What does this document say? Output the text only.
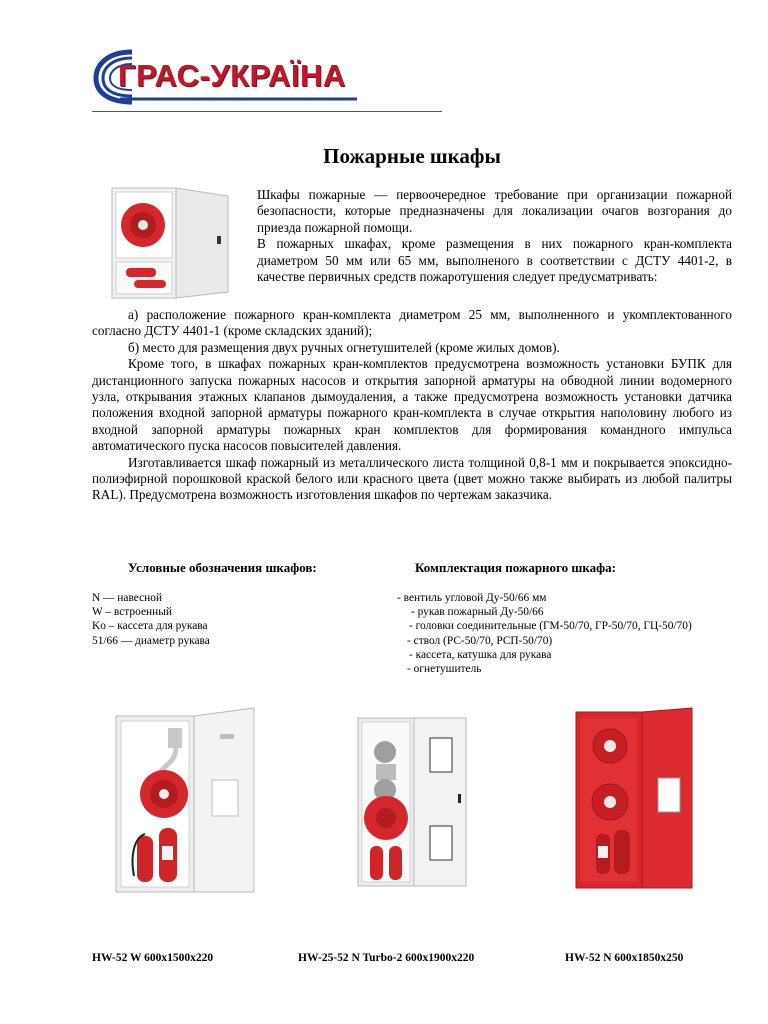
ГРАС-УКРАЇНА
Пожарные шкафы

Шкафы пожарные — первоочередное требование при организации пожарной безопасности, которые предназначены для локализации очагов возгорания до приезда пожарной помощи.

В пожарных шкафах, кроме размещения в них пожарного кран-комплекта диаметром 50 мм или 65 мм, выполненого в соответствии с ДСТУ 4401-2, в качестве первичных средств пожаротушения следует предусматривать:

а) расположение пожарного кран-комплекта диаметром 25 мм, выполненного и укомплектованного согласно ДСТУ 4401-1 (кроме складских зданий);

б) место для размещения двух ручных огнетушителей (кроме жилых домов).

Кроме того, в шкафах пожарных кран-комплектов предусмотрена возможность установки БУПК для дистанционного запуска пожарных насосов и открытия запорной арматуры на обводной линии водомерного узла, открывания этажных клапанов дымоудаления, а также предусмотрена возможность установки датчика положения входной запорной арматуры пожарного кран-комплекта в случае открытия наполовину любого из входной запорной арматуры пожарных кран комплектов для формирования командного импульса автоматического пуска насосов повысителей давления.

Изготавливается шкаф пожарный из металлического листа толщиной 0,8-1 мм и покрывается эпоксидно-полиэфирной порошковой краской белого или красного цвета (цвет можно также выбирать из любой палитры RAL). Предусмотрена возможность изготовления шкафов по чертежам заказчика.

Условные обозначения шкафов:	Комплектация пожарного шкафа:
N — навесной
W – встроенный
Kо – кассета для рукава
51/66 — диаметр рукава
- вентиль угловой Ду-50/66 мм
- рукав пожарный Ду-50/66
- головки соединительные (ГМ-50/70, ГР-50/70, ГЦ-50/70)
- ствол (РС-50/70, РСП-50/70)
- кассета, катушка для рукава
- огнетушитель
HW-52 W 600х1500х220	HW-25-52 N Turbo-2 600х1900х220	HW-52 N 600х1850х250
